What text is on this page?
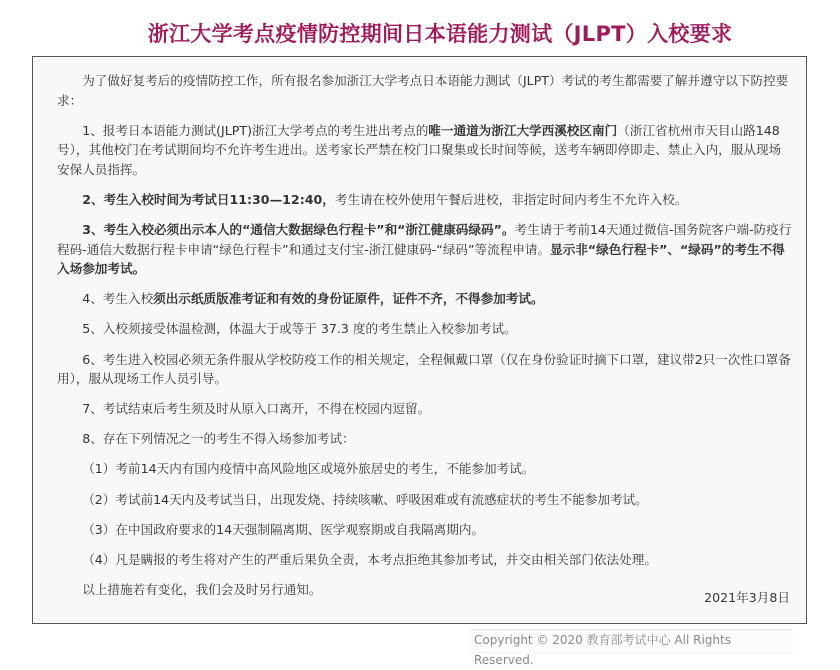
浙江大学考点疫情防控期间日本语能力测试（JLPT）入校要求

为了做好复考后的疫情防控工作，所有报名参加浙江大学考点日本语能力测试（JLPT）考试的考生都需要了解并遵守以下防控要求：

1、报考日本语能力测试(JLPT)浙江大学考点的考生进出考点的唯一通道为浙江大学西溪校区南门（浙江省杭州市天目山路148号），其他校门在考试期间均不允许考生进出。送考家长严禁在校门口聚集或长时间等候，送考车辆即停即走、禁止入内，服从现场安保人员指挥。

2、考生入校时间为考试日11:30—12:40，考生请在校外使用午餐后进校，非指定时间内考生不允许入校。

3、考生入校必须出示本人的“通信大数据绿色行程卡”和“浙江健康码绿码”。考生请于考前14天通过微信-国务院客户端-防疫行程码-通信大数据行程卡申请“绿色行程卡”和通过支付宝-浙江健康码-“绿码”等流程申请。显示非“绿色行程卡”、“绿码”的考生不得入场参加考试。

4、考生入校须出示纸质版准考证和有效的身份证原件，证件不齐，不得参加考试。

5、入校须接受体温检测，体温大于或等于 37.3 度的考生禁止入校参加考试。

6、考生进入校园必须无条件服从学校防疫工作的相关规定，全程佩戴口罩（仅在身份验证时摘下口罩，建议带2只一次性口罩备用），服从现场工作人员引导。

7、考试结束后考生须及时从原入口离开，不得在校园内逗留。

8、存在下列情况之一的考生不得入场参加考试：

（1）考前14天内有国内疫情中高风险地区或境外旅居史的考生，不能参加考试。

（2）考试前14天内及考试当日，出现发烧、持续咳嗽、呼吸困难或有流感症状的考生不能参加考试。

（3）在中国政府要求的14天强制隔离期、医学观察期或自我隔离期内。

（4）凡是瞒报的考生将对产生的严重后果负全责，本考点拒绝其参加考试，并交由相关部门依法处理。

以上措施若有变化，我们会及时另行通知。

2021年3月8日
Copyright © 2020 教育部考试中心 All Rights Reserved.
